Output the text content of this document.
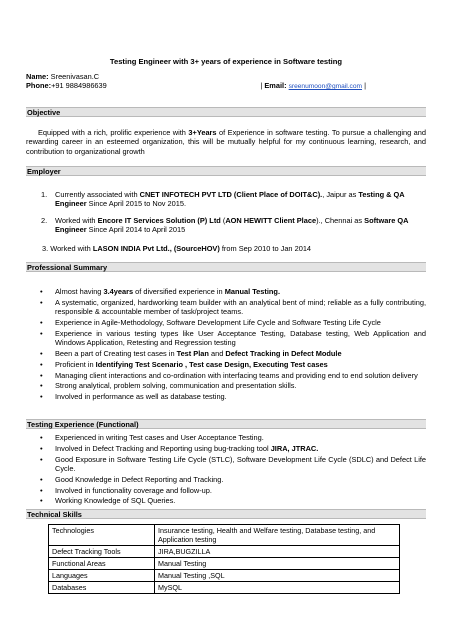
Testing Engineer with 3+ years of experience in Software testing
Name: Sreenivasan.C
Phone:+91 9884986639	| Email: sreenumoon@gmail.com |
Objective
Equipped with a rich, prolific experience with 3+Years of Experience in software testing. To pursue a challenging and rewarding career in an esteemed organization, this will be mutually helpful for my continuous learning, research, and contribution to organizational growth
Employer
1. Currently associated with CNET INFOTECH PVT LTD (Client Place of DOIT&C)., Jaipur as Testing & QA Engineer Since April 2015 to Nov 2015.
2. Worked with Encore IT Services Solution (P) Ltd (AON HEWITT Client Place)., Chennai as Software QA Engineer Since April 2014 to April 2015
3. Worked with LASON INDIA Pvt Ltd., (SourceHOV) from Sep 2010 to Jan 2014
Professional Summary
• Almost having 3.4years of diversified experience in Manual Testing.
• A systematic, organized, hardworking team builder with an analytical bent of mind; reliable as a fully contributing, responsible & accountable member of task/project teams.
• Experience in Agile-Methodology, Software Development Life Cycle and Software Testing Life Cycle
• Experience in various testing types like User Acceptance Testing, Database testing, Web Application and Windows Application, Retesting and Regression testing
• Been a part of Creating test cases in Test Plan and Defect Tracking in Defect Module
• Proficient in Identifying Test Scenario , Test case Design, Executing Test cases
• Managing client interactions and co-ordination with interfacing teams and providing end to end solution delivery
• Strong analytical, problem solving, communication and presentation skills.
• Involved in performance as well as database testing.
Testing Experience (Functional)
• Experienced in writing Test cases and User Acceptance Testing.
• Involved in Defect Tracking and Reporting using bug-tracking tool JIRA, JTRAC.
• Good Exposure in Software Testing Life Cycle (STLC), Software Development Life Cycle (SDLC) and Defect Life Cycle.
• Good Knowledge in Defect Reporting and Tracking.
• Involved in functionality coverage and follow-up.
• Working Knowledge of SQL Queries.
Technical Skills
Technologies	Insurance testing, Health and Welfare testing, Database testing, and Application testing
Defect Tracking Tools	JIRA,BUGZILLA
Functional Areas	Manual Testing
Languages	Manual Testing ,SQL
Databases	MySQL
